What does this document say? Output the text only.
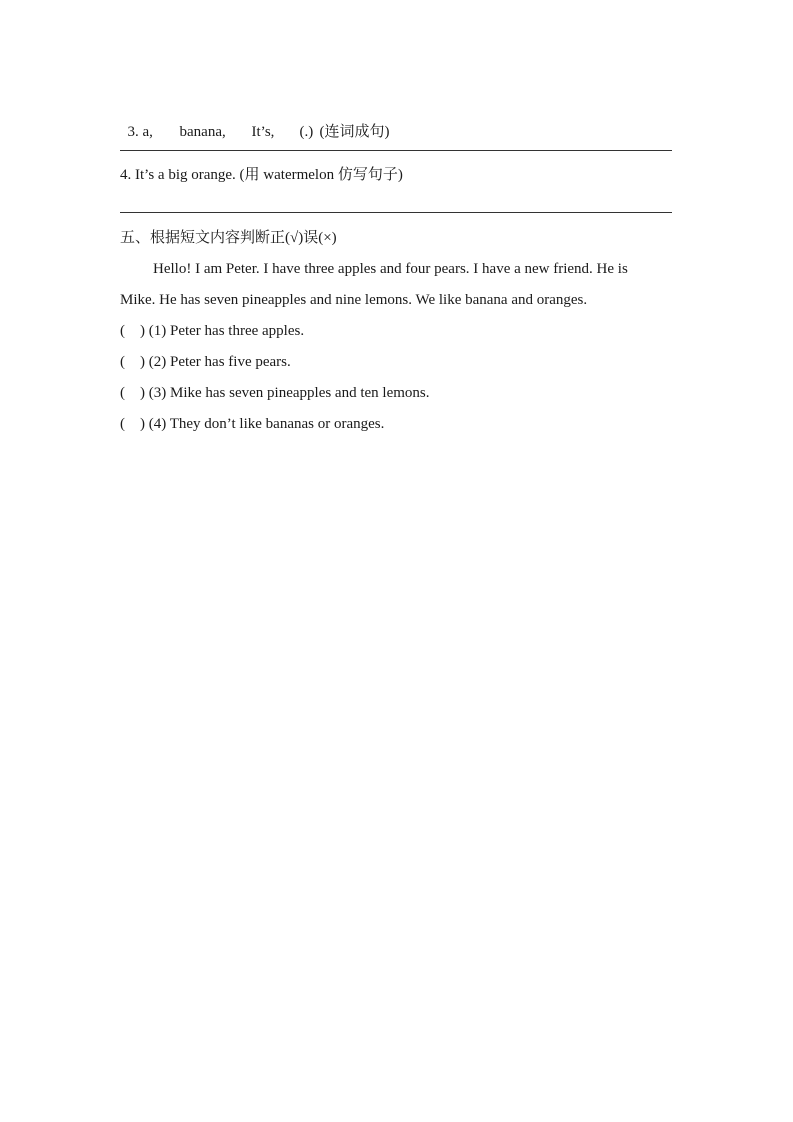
3. a, banana, It’s, (.) (连词成句)

4. It’s a big orange. (用 watermelon 仿写句子)
五、根据短文内容判断正(√)误(×)
Hello! I am Peter. I have three apples and four pears. I have a new friend. He is
Mike. He has seven pineapples and nine lemons. We like banana and oranges.
(    ) (1) Peter has three apples.
(    ) (2) Peter has five pears.
(    ) (3) Mike has seven pineapples and ten lemons.
(    ) (4) They don’t like bananas or oranges.
